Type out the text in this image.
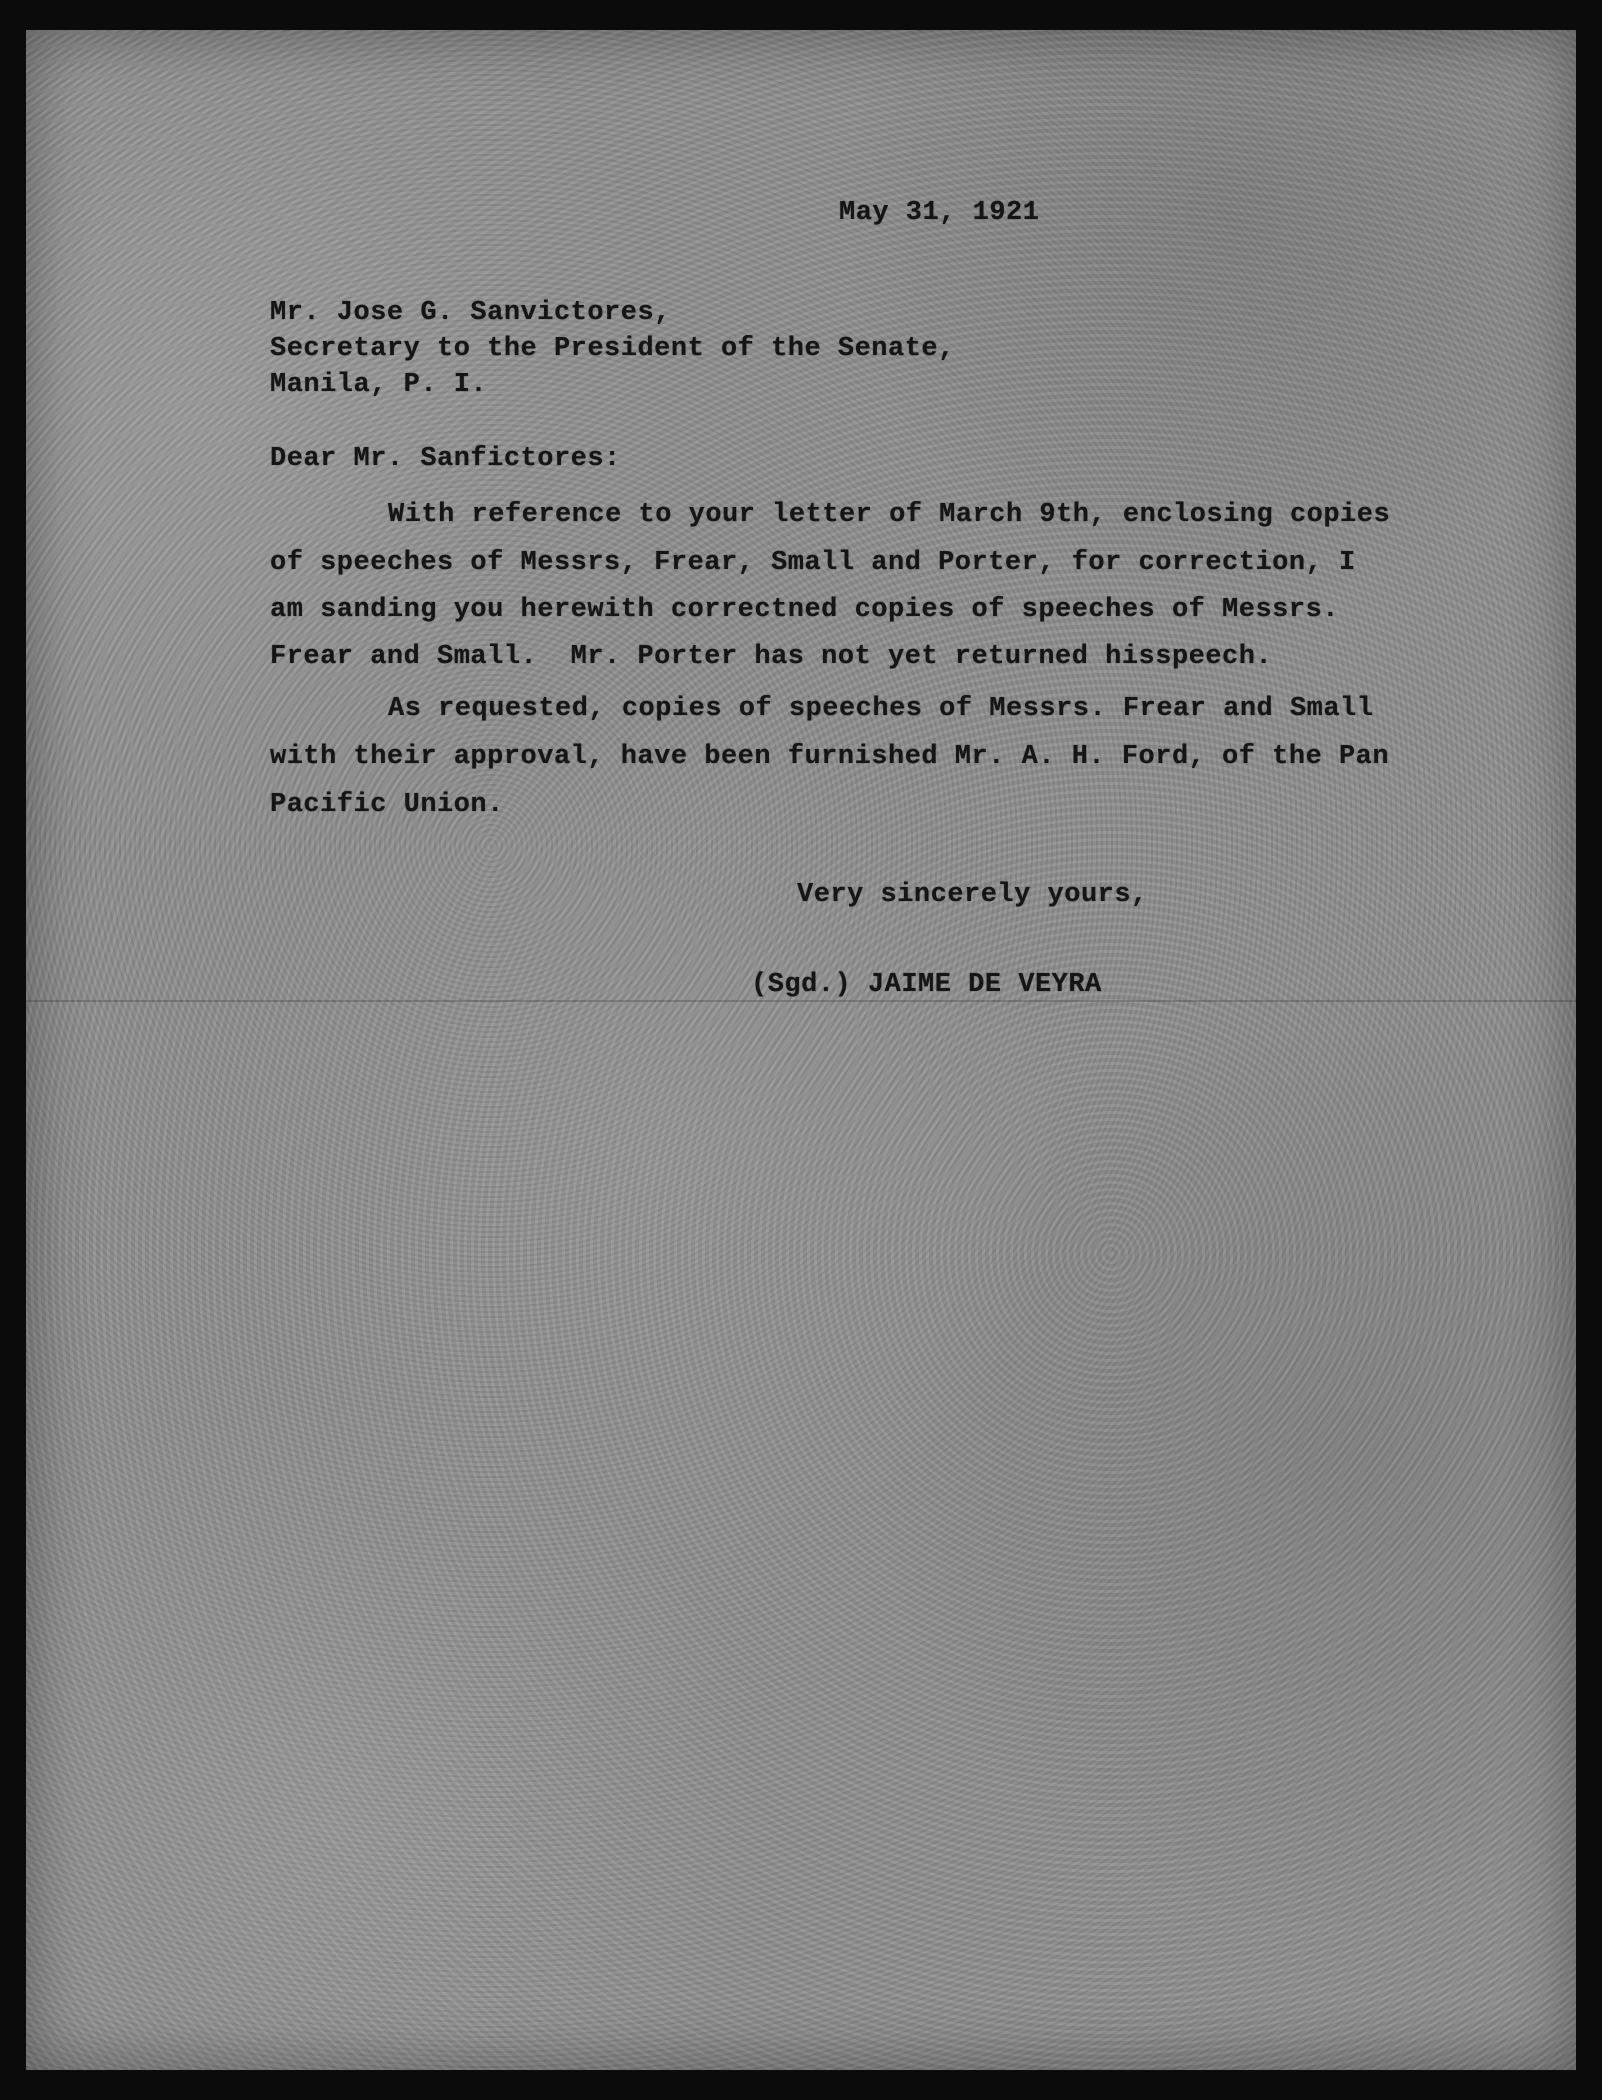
May 31, 1921
Mr. Jose G. Sanvictores,
Secretary to the President of the Senate,
Manila, P. I.
Dear Mr. Sanfictores:
With reference to your letter of March 9th, enclosing copies
of speeches of Messrs, Frear, Small and Porter, for correction, I
am sanding you herewith correctned copies of speeches of Messrs.
Frear and Small.  Mr. Porter has not yet returned hisspeech.
As requested, copies of speeches of Messrs. Frear and Small
with their approval, have been furnished Mr. A. H. Ford, of the Pan
Pacific Union.
Very sincerely yours,
(Sgd.) JAIME DE VEYRA
